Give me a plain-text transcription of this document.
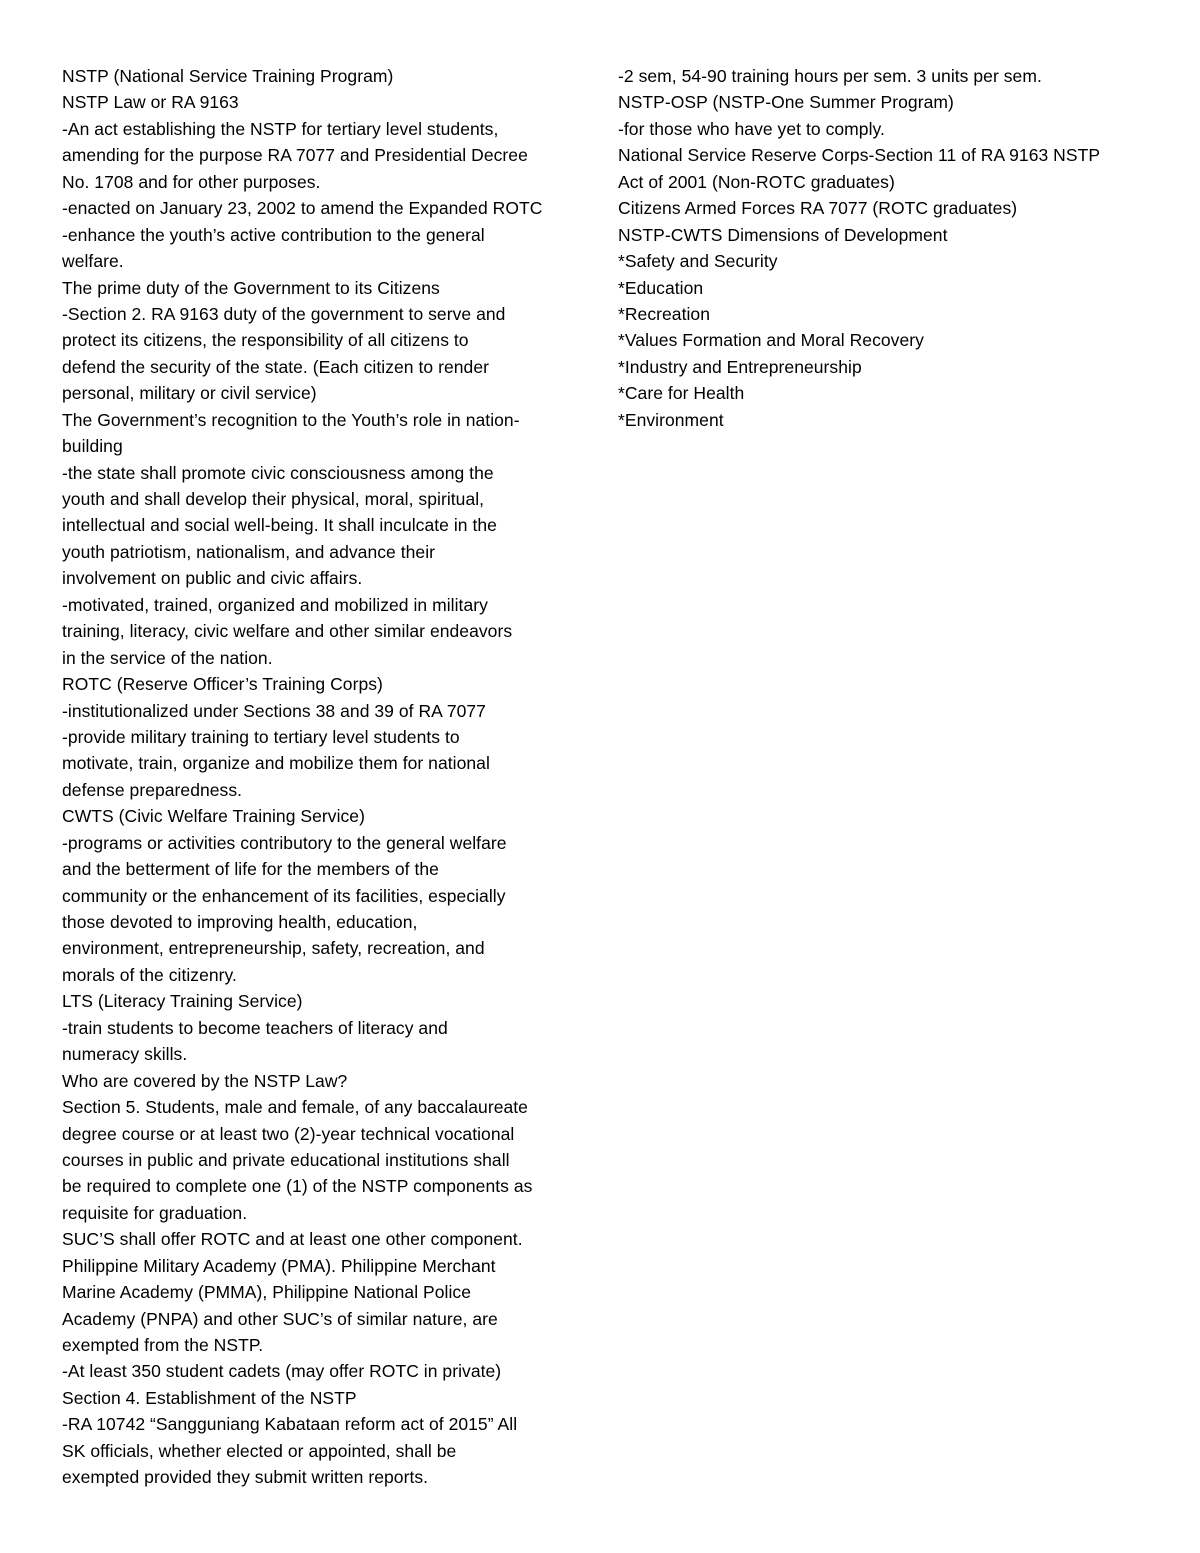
NSTP (National Service Training Program)
NSTP Law or RA 9163
-An act establishing the NSTP for tertiary level students,
amending for the purpose RA 7077 and Presidential Decree
No. 1708 and for other purposes.
-enacted on January 23, 2002 to amend the Expanded ROTC
-enhance the youth’s active contribution to the general
welfare.
The prime duty of the Government to its Citizens
-Section 2. RA 9163 duty of the government to serve and
protect its citizens, the responsibility of all citizens to
defend the security of the state. (Each citizen to render
personal, military or civil service)
The Government’s recognition to the Youth’s role in nation-
building
-the state shall promote civic consciousness among the
youth and shall develop their physical, moral, spiritual,
intellectual and social well-being. It shall inculcate in the
youth patriotism, nationalism, and advance their
involvement on public and civic affairs.
-motivated, trained, organized and mobilized in military
training, literacy, civic welfare and other similar endeavors
in the service of the nation.
ROTC (Reserve Officer’s Training Corps)
-institutionalized under Sections 38 and 39 of RA 7077
-provide military training to tertiary level students to
motivate, train, organize and mobilize them for national
defense preparedness.
CWTS (Civic Welfare Training Service)
-programs or activities contributory to the general welfare
and the betterment of life for the members of the
community or the enhancement of its facilities, especially
those devoted to improving health, education,
environment, entrepreneurship, safety, recreation, and
morals of the citizenry.
LTS (Literacy Training Service)
-train students to become teachers of literacy and
numeracy skills.
Who are covered by the NSTP Law?
Section 5. Students, male and female, of any baccalaureate
degree course or at least two (2)-year technical vocational
courses in public and private educational institutions shall
be required to complete one (1) of the NSTP components as
requisite for graduation.
SUC’S shall offer ROTC and at least one other component.
Philippine Military Academy (PMA). Philippine Merchant
Marine Academy (PMMA), Philippine National Police
Academy (PNPA) and other SUC’s of similar nature, are
exempted from the NSTP.
-At least 350 student cadets (may offer ROTC in private)
Section 4. Establishment of the NSTP
-RA 10742 “Sangguniang Kabataan reform act of 2015” All
SK officials, whether elected or appointed, shall be
exempted provided they submit written reports.
-2 sem, 54-90 training hours per sem. 3 units per sem.
NSTP-OSP (NSTP-One Summer Program)
-for those who have yet to comply.
National Service Reserve Corps-Section 11 of RA 9163 NSTP
Act of 2001 (Non-ROTC graduates)
Citizens Armed Forces RA 7077 (ROTC graduates)
NSTP-CWTS Dimensions of Development
*Safety and Security
*Education
*Recreation
*Values Formation and Moral Recovery
*Industry and Entrepreneurship
*Care for Health
*Environment
